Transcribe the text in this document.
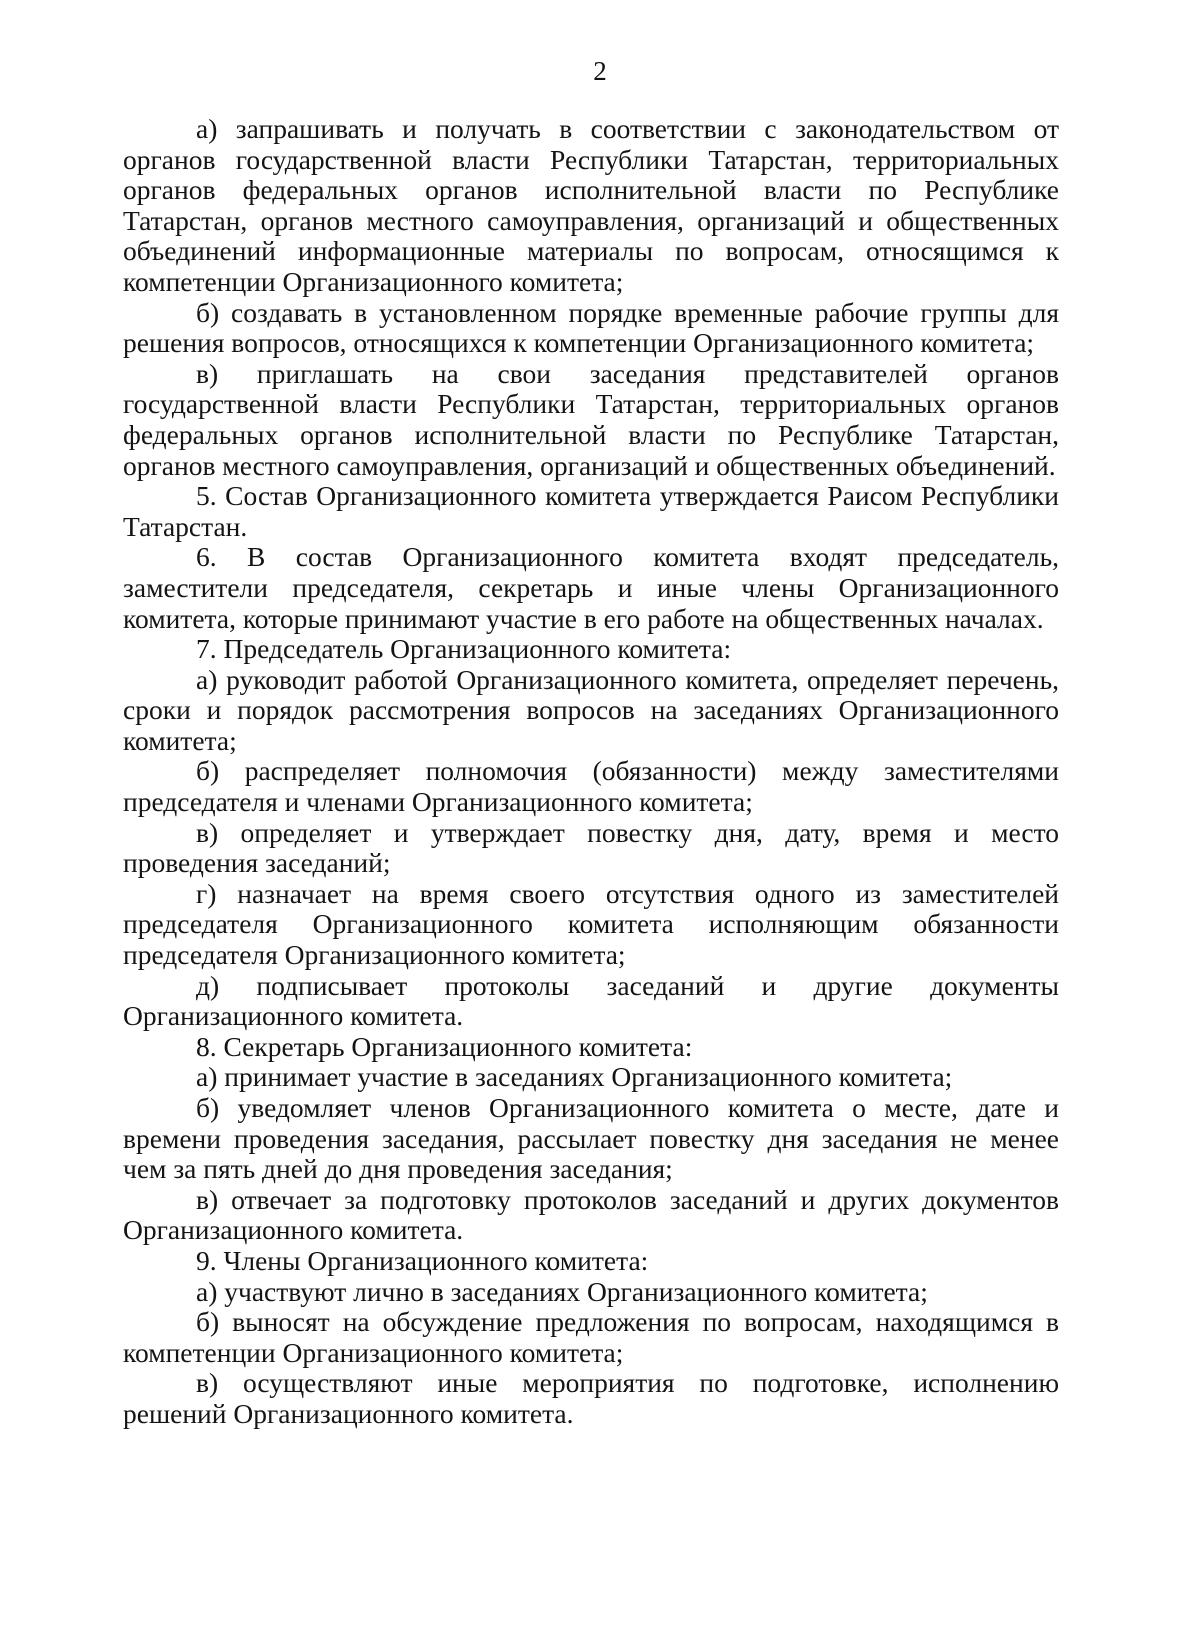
2

а) запрашивать и получать в соответствии с законодательством от органов государственной власти Республики Татарстан, территориальных органов федеральных органов исполнительной власти по Республике Татарстан, органов местного самоуправления, организаций и общественных объединений информационные материалы по вопросам, относящимся к компетенции Организационного комитета;

б) создавать в установленном порядке временные рабочие группы для решения вопросов, относящихся к компетенции Организационного комитета;

в) приглашать на свои заседания представителей органов государственной власти Республики Татарстан, территориальных органов федеральных органов исполнительной власти по Республике Татарстан, органов местного самоуправления, организаций и общественных объединений.

5. Состав Организационного комитета утверждается Раисом Республики Татарстан.

6. В состав Организационного комитета входят председатель, заместители председателя, секретарь и иные члены Организационного комитета, которые принимают участие в его работе на общественных началах.

7. Председатель Организационного комитета:

а) руководит работой Организационного комитета, определяет перечень, сроки и порядок рассмотрения вопросов на заседаниях Организационного комитета;

б) распределяет полномочия (обязанности) между заместителями председателя и членами Организационного комитета;

в) определяет и утверждает повестку дня, дату, время и место проведения заседаний;

г) назначает на время своего отсутствия одного из заместителей председателя Организационного комитета исполняющим обязанности председателя Организационного комитета;

д) подписывает протоколы заседаний и другие документы Организационного комитета.

8. Секретарь Организационного комитета:

а) принимает участие в заседаниях Организационного комитета;

б) уведомляет членов Организационного комитета о месте, дате и времени проведения заседания, рассылает повестку дня заседания не менее чем за пять дней до дня проведения заседания;

в) отвечает за подготовку протоколов заседаний и других документов Организационного комитета.

9. Члены Организационного комитета:

а) участвуют лично в заседаниях Организационного комитета;

б) выносят на обсуждение предложения по вопросам, находящимся в компетенции Организационного комитета;

в) осуществляют иные мероприятия по подготовке, исполнению решений Организационного комитета.
